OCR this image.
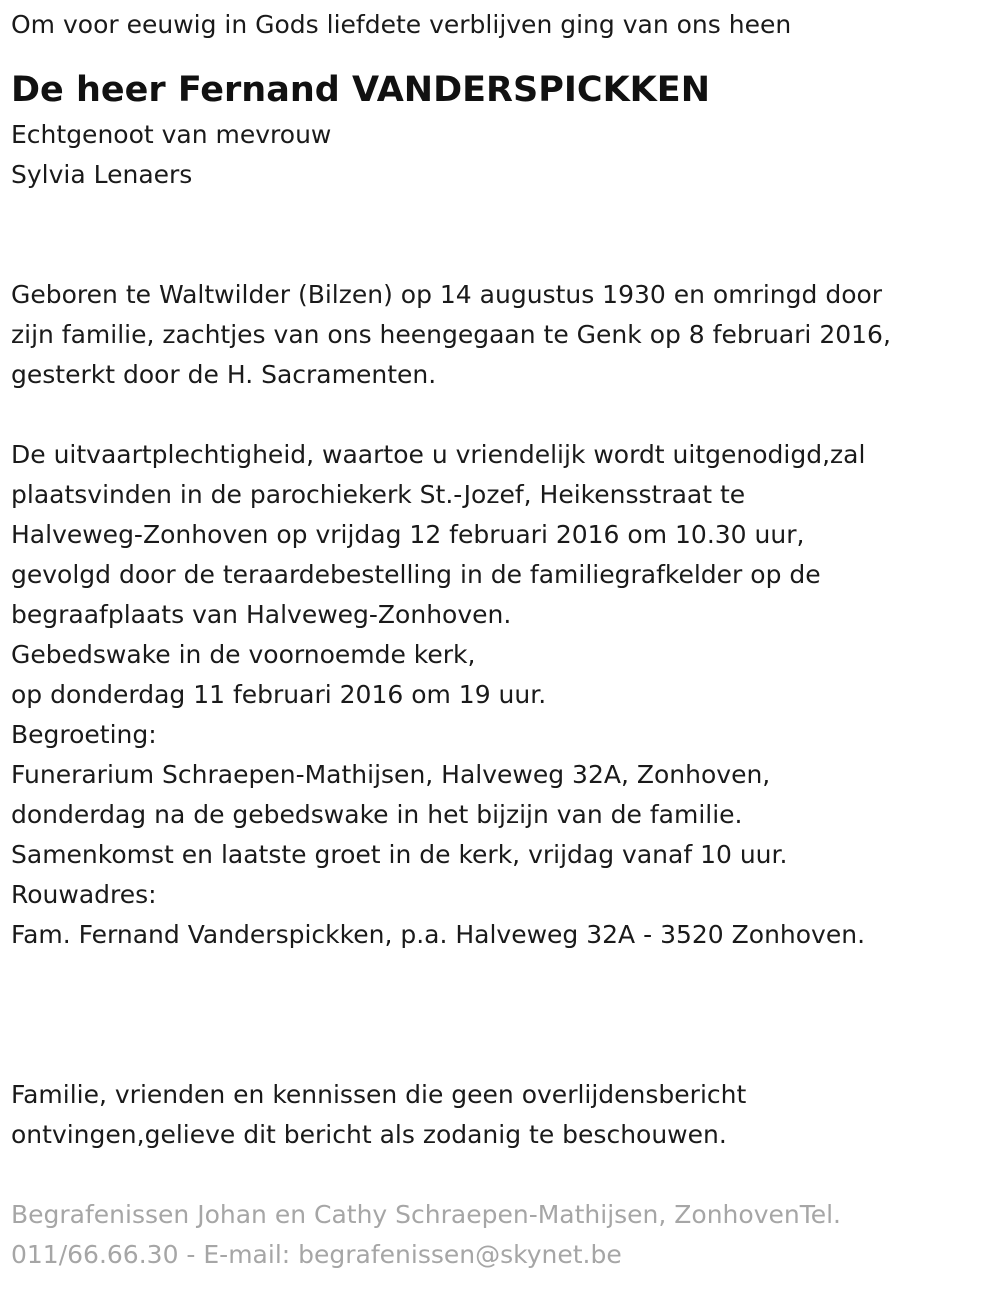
Om voor eeuwig in Gods liefdete verblijven ging van ons heen
De heer Fernand VANDERSPICKKEN
Echtgenoot van mevrouw
Sylvia Lenaers
Geboren te Waltwilder (Bilzen) op 14 augustus 1930 en omringd door
zijn familie, zachtjes van ons heengegaan te Genk op 8 februari 2016,
gesterkt door de H. Sacramenten.
De uitvaartplechtigheid, waartoe u vriendelijk wordt uitgenodigd,zal
plaatsvinden in de parochiekerk St.-Jozef, Heikensstraat te
Halveweg-Zonhoven op vrijdag 12 februari 2016 om 10.30 uur,
gevolgd door de teraardebestelling in de familiegrafkelder op de
begraafplaats van Halveweg-Zonhoven.
Gebedswake in de voornoemde kerk,
op donderdag 11 februari 2016 om 19 uur.
Begroeting:
Funerarium Schraepen-Mathijsen, Halveweg 32A, Zonhoven,
donderdag na de gebedswake in het bijzijn van de familie.
Samenkomst en laatste groet in de kerk, vrijdag vanaf 10 uur.
Rouwadres:
Fam. Fernand Vanderspickken, p.a. Halveweg 32A - 3520 Zonhoven.
Familie, vrienden en kennissen die geen overlijdensbericht
ontvingen,gelieve dit bericht als zodanig te beschouwen.
Begrafenissen Johan en Cathy Schraepen-Mathijsen, ZonhovenTel.
011/66.66.30 - E-mail: begrafenissen@skynet.be
